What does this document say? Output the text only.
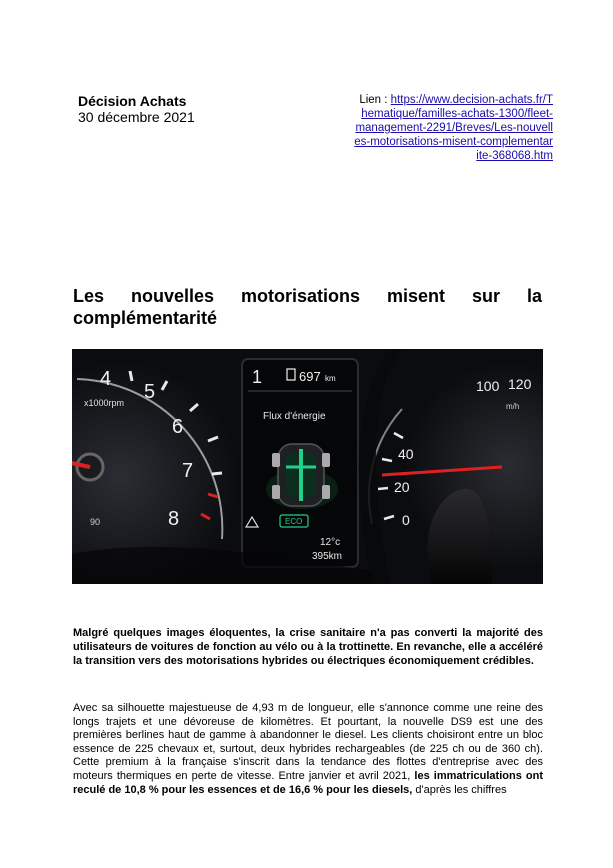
Décision Achats
30 décembre 2021
Lien : https://www.decision-achats.fr/Thematique/familles-achats-1300/fleet-management-2291/Breves/Les-nouvelles-motorisations-misent-complementarite-368068.htm
Les nouvelles motorisations misent sur la complémentarité
4
x1000rpm 5
6
7
8
90
1	697 km
Flux d'énergie
ECO
12°c
395km
40
20
0
100 120
m/h

Malgré quelques images éloquentes, la crise sanitaire n'a pas converti la majorité des utilisateurs de voitures de fonction au vélo ou à la trottinette. En revanche, elle a accéléré la transition vers des motorisations hybrides ou électriques économiquement crédibles.

Avec sa silhouette majestueuse de 4,93 m de longueur, elle s'annonce comme une reine des longs trajets et une dévoreuse de kilomètres. Et pourtant, la nouvelle DS9 est une des premières berlines haut de gamme à abandonner le diesel. Les clients choisiront entre un bloc essence de 225 chevaux et, surtout, deux hybrides rechargeables (de 225 ch ou de 360 ch). Cette premium à la française s'inscrit dans la tendance des flottes d'entreprise avec des moteurs thermiques en perte de vitesse. Entre janvier et avril 2021, les immatriculations ont reculé de 10,8 % pour les essences et de 16,6 % pour les diesels, d'après les chiffres
